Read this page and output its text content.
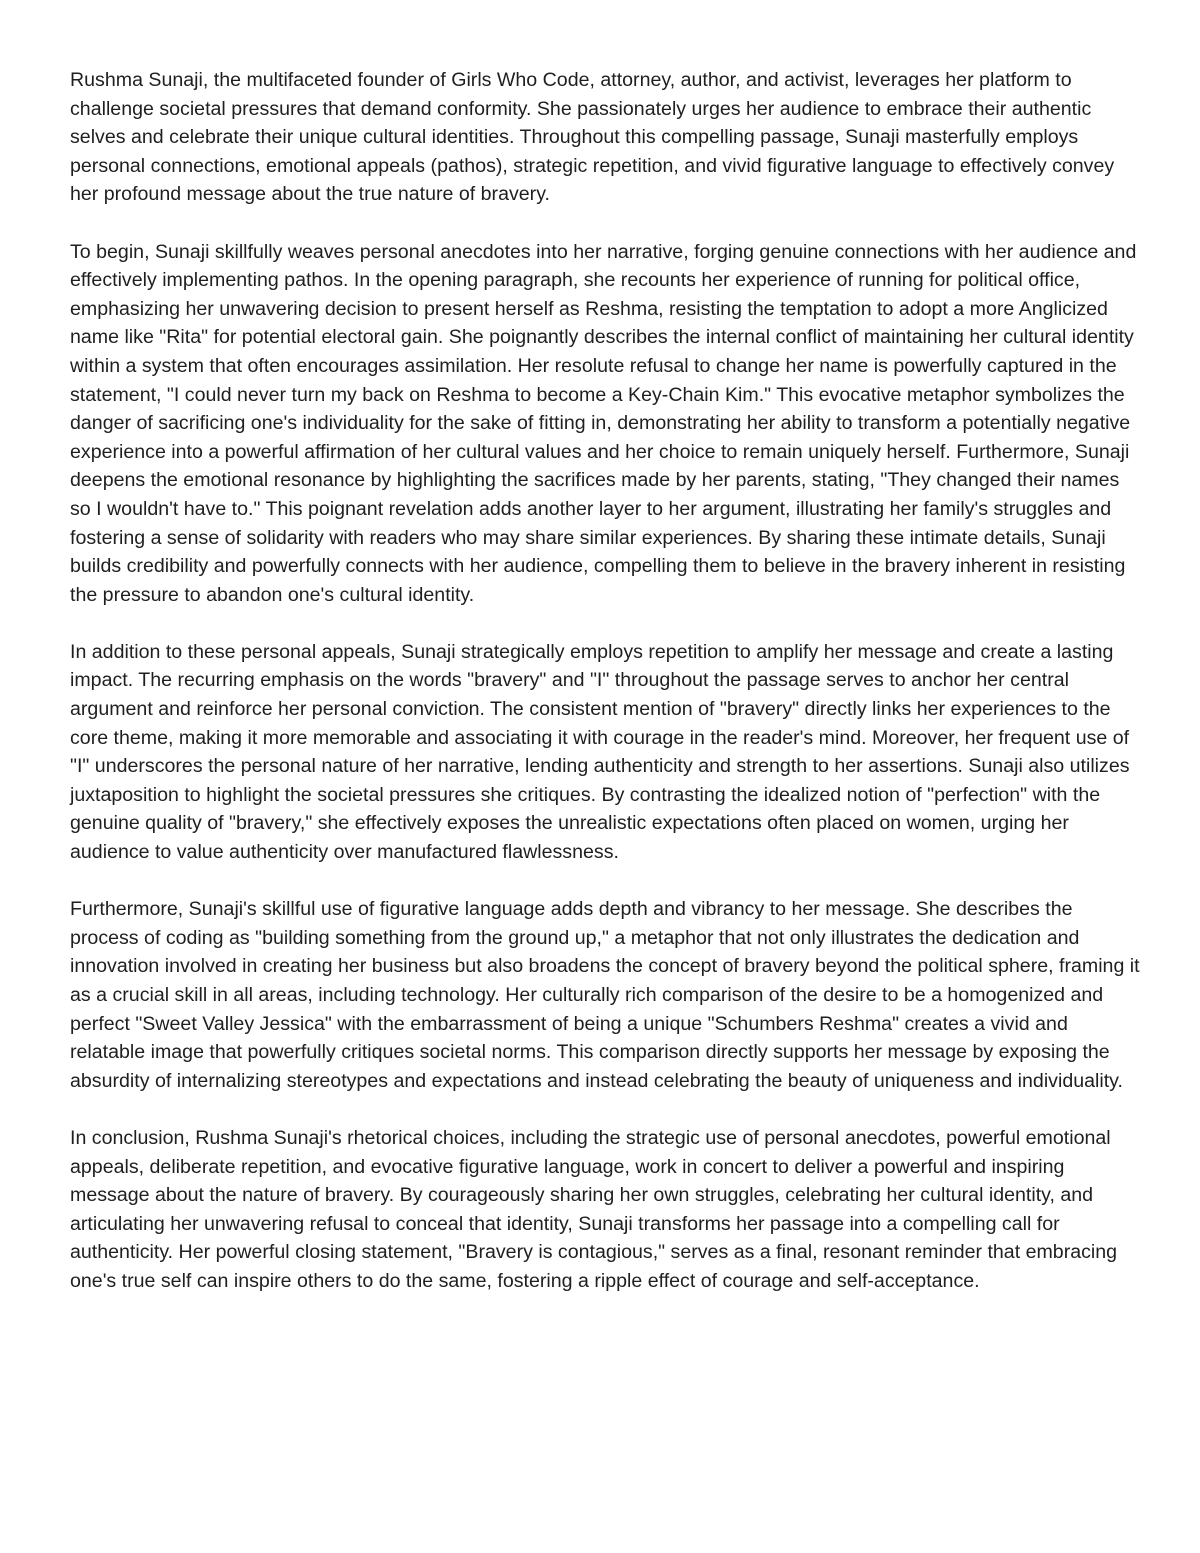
Rushma Sunaji, the multifaceted founder of Girls Who Code, attorney, author, and activist, leverages her platform to challenge societal pressures that demand conformity. She passionately urges her audience to embrace their authentic selves and celebrate their unique cultural identities. Throughout this compelling passage, Sunaji masterfully employs personal connections, emotional appeals (pathos), strategic repetition, and vivid figurative language to effectively convey her profound message about the true nature of bravery.

To begin, Sunaji skillfully weaves personal anecdotes into her narrative, forging genuine connections with her audience and effectively implementing pathos. In the opening paragraph, she recounts her experience of running for political office, emphasizing her unwavering decision to present herself as Reshma, resisting the temptation to adopt a more Anglicized name like "Rita" for potential electoral gain. She poignantly describes the internal conflict of maintaining her cultural identity within a system that often encourages assimilation. Her resolute refusal to change her name is powerfully captured in the statement, "I could never turn my back on Reshma to become a Key-Chain Kim." This evocative metaphor symbolizes the danger of sacrificing one's individuality for the sake of fitting in, demonstrating her ability to transform a potentially negative experience into a powerful affirmation of her cultural values and her choice to remain uniquely herself. Furthermore, Sunaji deepens the emotional resonance by highlighting the sacrifices made by her parents, stating, "They changed their names so I wouldn't have to." This poignant revelation adds another layer to her argument, illustrating her family's struggles and fostering a sense of solidarity with readers who may share similar experiences. By sharing these intimate details, Sunaji builds credibility and powerfully connects with her audience, compelling them to believe in the bravery inherent in resisting the pressure to abandon one's cultural identity.

In addition to these personal appeals, Sunaji strategically employs repetition to amplify her message and create a lasting impact. The recurring emphasis on the words "bravery" and "I" throughout the passage serves to anchor her central argument and reinforce her personal conviction. The consistent mention of "bravery" directly links her experiences to the core theme, making it more memorable and associating it with courage in the reader's mind. Moreover, her frequent use of "I" underscores the personal nature of her narrative, lending authenticity and strength to her assertions. Sunaji also utilizes juxtaposition to highlight the societal pressures she critiques. By contrasting the idealized notion of "perfection" with the genuine quality of "bravery," she effectively exposes the unrealistic expectations often placed on women, urging her audience to value authenticity over manufactured flawlessness.

Furthermore, Sunaji's skillful use of figurative language adds depth and vibrancy to her message. She describes the process of coding as "building something from the ground up," a metaphor that not only illustrates the dedication and innovation involved in creating her business but also broadens the concept of bravery beyond the political sphere, framing it as a crucial skill in all areas, including technology. Her culturally rich comparison of the desire to be a homogenized and perfect "Sweet Valley Jessica" with the embarrassment of being a unique "Schumbers Reshma" creates a vivid and relatable image that powerfully critiques societal norms. This comparison directly supports her message by exposing the absurdity of internalizing stereotypes and expectations and instead celebrating the beauty of uniqueness and individuality.

In conclusion, Rushma Sunaji's rhetorical choices, including the strategic use of personal anecdotes, powerful emotional appeals, deliberate repetition, and evocative figurative language, work in concert to deliver a powerful and inspiring message about the nature of bravery. By courageously sharing her own struggles, celebrating her cultural identity, and articulating her unwavering refusal to conceal that identity, Sunaji transforms her passage into a compelling call for authenticity. Her powerful closing statement, "Bravery is contagious," serves as a final, resonant reminder that embracing one's true self can inspire others to do the same, fostering a ripple effect of courage and self-acceptance.
